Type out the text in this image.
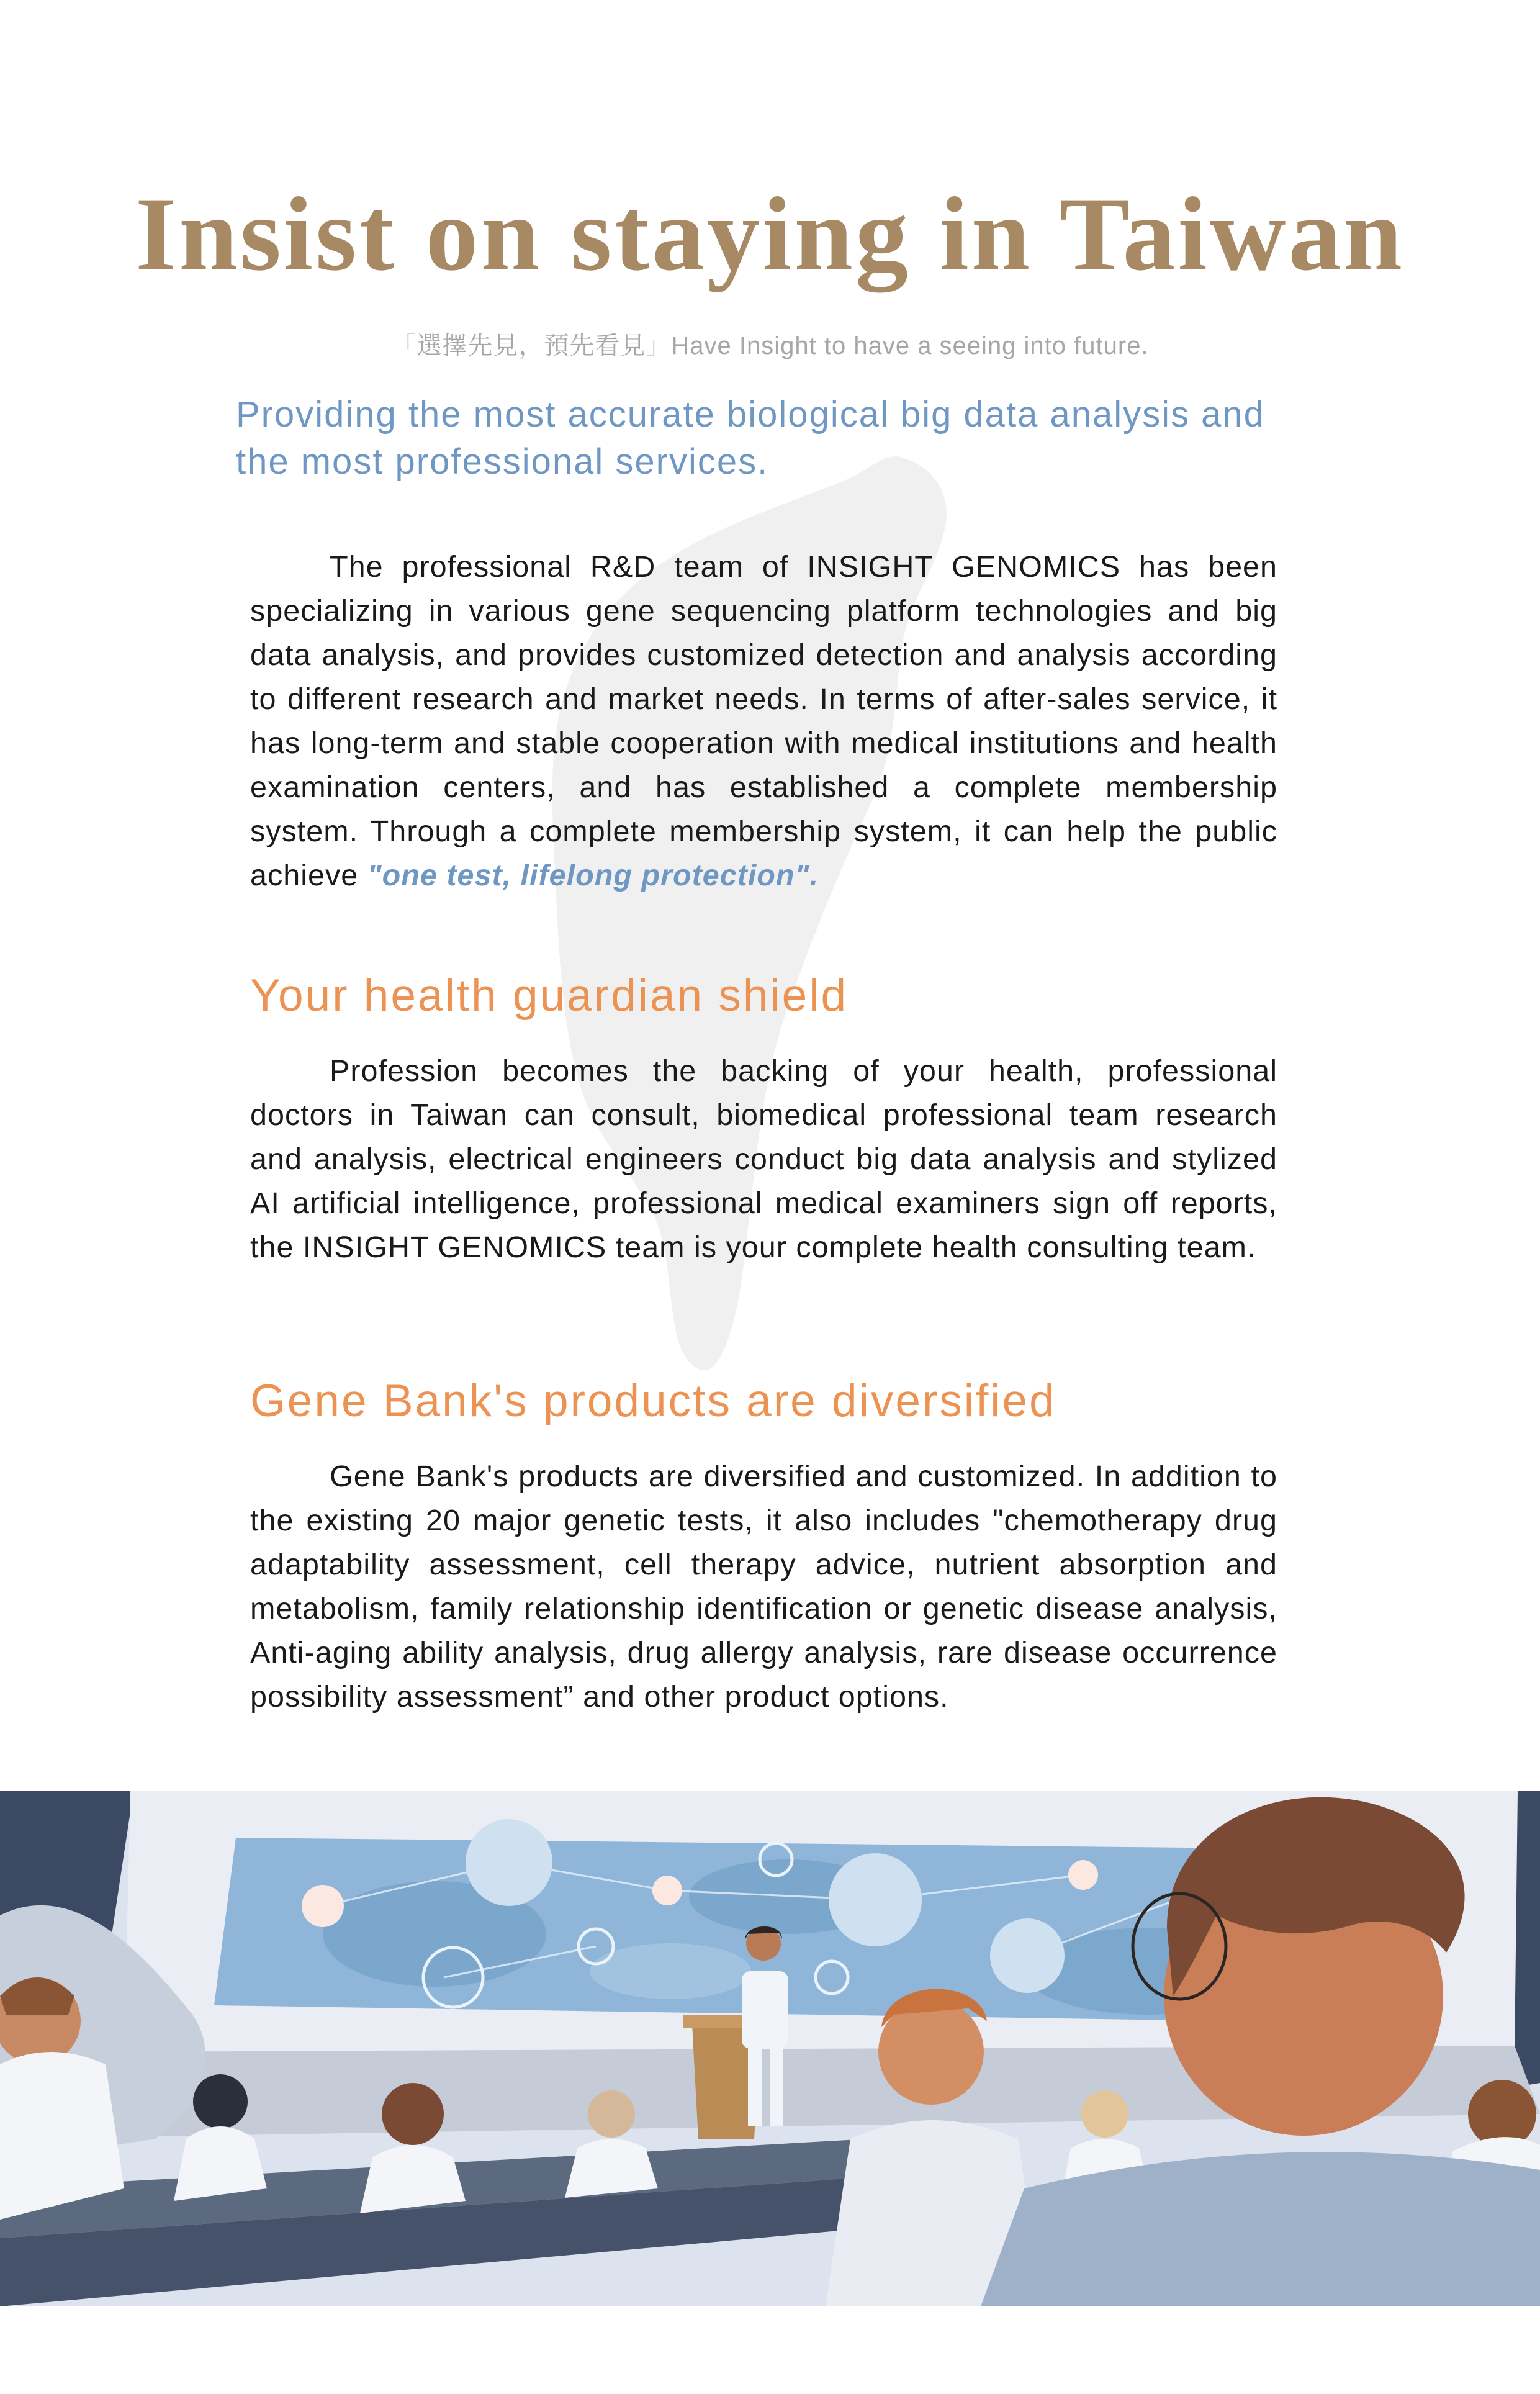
Insist on staying in Taiwan

「選擇先見，預先看見」Have Insight to have a seeing into future.

Providing the most accurate biological big data analysis and the most professional services.

The professional R&D team of INSIGHT GENOMICS has been specializing in various gene sequencing platform technologies and big data analysis, and provides customized detection and analysis according to different research and market needs. In terms of after-sales service, it has long-term and stable cooperation with medical institutions and health examination centers, and has established a complete membership system. Through a complete membership system, it can help the public achieve "one test, lifelong protection".

Your health guardian shield

Profession becomes the backing of your health, professional doctors in Taiwan can consult, biomedical professional team research and analysis, electrical engineers conduct big data analysis and stylized AI artificial intelligence, professional medical examiners sign off reports, the INSIGHT GENOMICS team is your complete health consulting team.

Gene Bank's products are diversified

Gene Bank's products are diversified and customized. In addition to the existing 20 major genetic tests, it also includes "chemotherapy drug adaptability assessment, cell therapy advice, nutrient absorption and metabolism, family relationship identification or genetic disease analysis, Anti-aging ability analysis, drug allergy analysis, rare disease occurrence possibility assessment” and other product options.
